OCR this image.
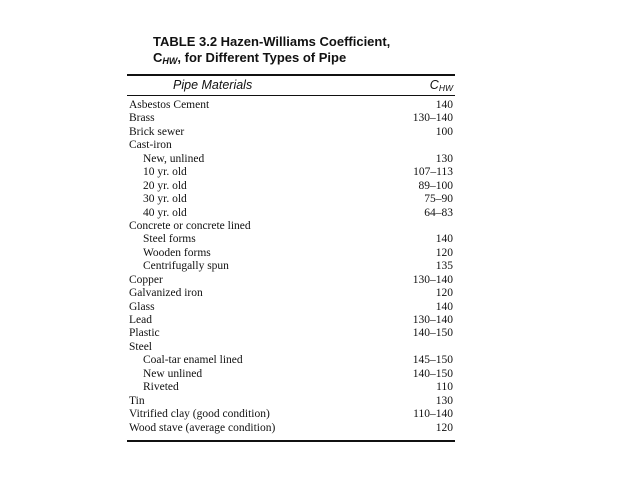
TABLE 3.2 Hazen-Williams Coefficient,
$C_{HW}$, for Different Types of Pipe
Pipe Materials	$C_{HW}$
Asbestos Cement	140
Brass	130–140
Brick sewer	100
Cast-iron
New, unlined	130
10 yr. old	107–113
20 yr. old	89–100
30 yr. old	75–90
40 yr. old	64–83
Concrete or concrete lined
Steel forms	140
Wooden forms	120
Centrifugally spun	135
Copper	130–140
Galvanized iron	120
Glass	140
Lead	130–140
Plastic	140–150
Steel
Coal-tar enamel lined	145–150
New unlined	140–150
Riveted	110
Tin	130
Vitrified clay (good condition)	110–140
Wood stave (average condition)	120
